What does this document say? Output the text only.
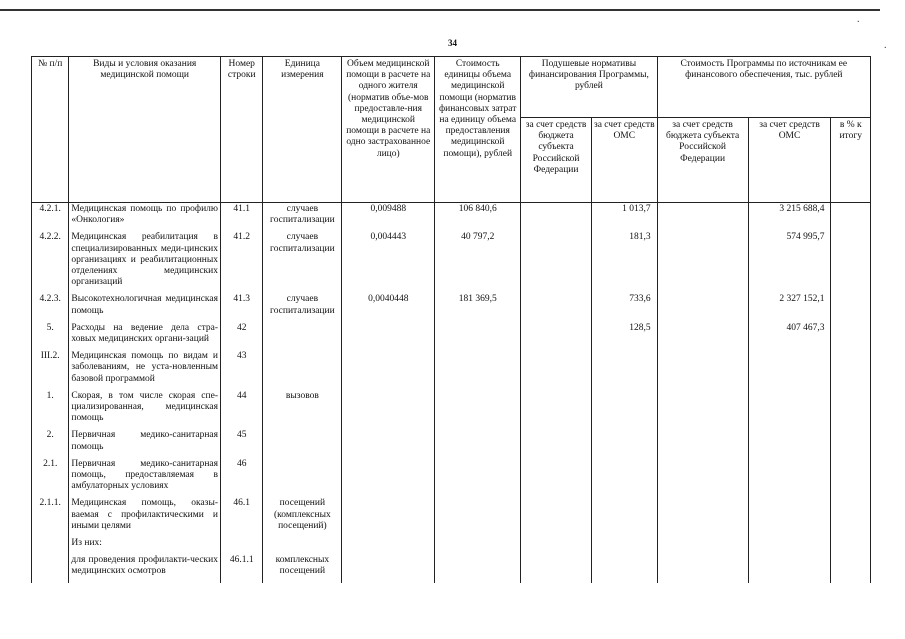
34
.
.
№ п/п	Виды и условия оказания медицинской помощи	Номер строки	Единица измерения	Объем медицинской помощи в расчете на одного жителя (норматив объе-мов предоставле-ния медицинской помощи в расчете на одно застрахованное лицо)	Стоимость единицы объема медицинской помощи (норматив финансовых затрат на единицу объема предоставления медицинской помощи), рублей	Подушевые нормативы финансирования Программы, рублей		Стоимость Программы по источникам ее финансового обеспечения, тыс. рублей		
						за счет средств бюджета субъекта Российской Федерации	за счет средств ОМС	за счет средств бюджета субъекта Российской Федерации	за счет средств ОМС	в % к итогу
4.2.1.	Медицинская помощь по профилю «Онкология»	41.1	случаев госпитализации	0,009488	106 840,6		1 013,7		3 215 688,4	
4.2.2.	Медицинская реабилитация в специализированных меди-цинских организациях и реабилитационных отделениях медицинских организаций	41.2	случаев госпитализации	0,004443	40 797,2		181,3		574 995,7	
4.2.3.	Высокотехнологичная медицинская помощь	41.3	случаев госпитализации	0,0040448	181 369,5		733,6		2 327 152,1	
5.	Расходы на ведение дела стра-ховых медицинских органи-заций	42					128,5		407 467,3	
III.2.	Медицинская помощь по видам и заболеваниям, не уста-новленным базовой программой	43								
1.	Скорая, в том числе скорая спе-циализированная, медицинская помощь	44	вызовов							
2.	Первичная медико-санитарная помощь	45								
2.1.	Первичная медико-санитарная помощь, предоставляемая в амбулаторных условиях	46								
2.1.1.	Медицинская помощь, оказы-ваемая с профилактическими и иными целями	46.1	посещений (комплексных посещений)							
	Из них:									
	для проведения профилакти-ческих медицинских осмотров	46.1.1	комплексных посещений							
